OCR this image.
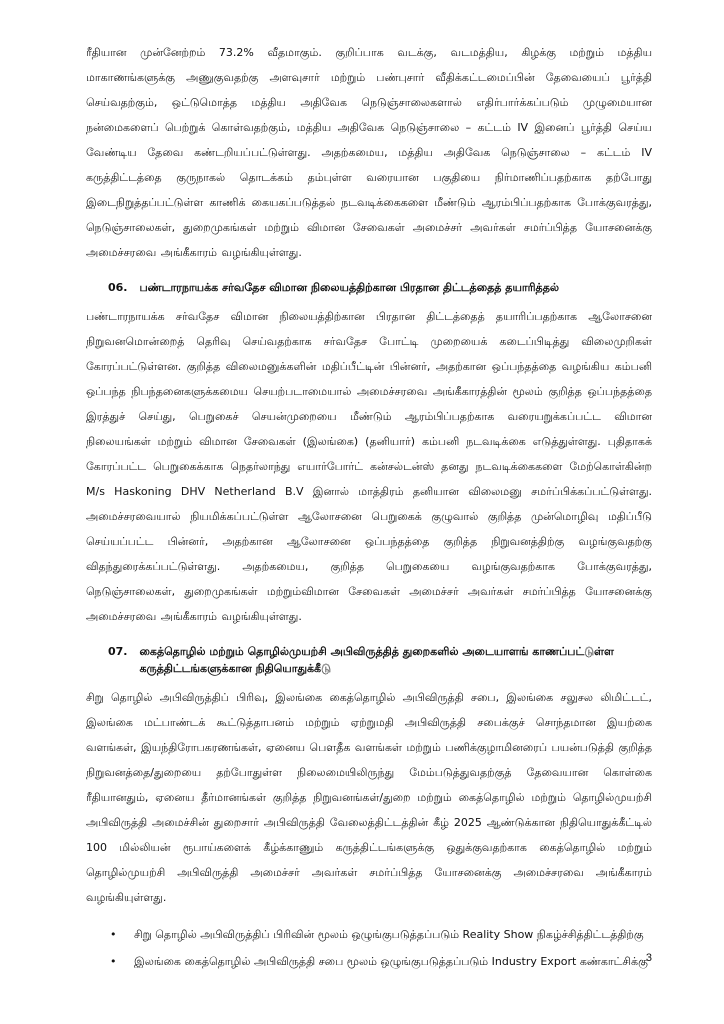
ரீதியான முன்னேற்றம் 73.2% வீதமாகும். குறிப்பாக வடக்கு, வடமத்திய, கிழக்கு மற்றும் மத்திய மாகாணங்களுக்கு அணுகுவதற்கு அளவுசார் மற்றும் பண்புசார் வீதிக்கட்டமைப்பின் தேவையைப் பூர்த்தி செய்வதற்கும், ஒட்டுமொத்த மத்திய அதிவேக நெடுஞ்சாலைகளால் எதிர்பார்க்கப்படும் முழுமையான நன்மைகளைப் பெற்றுக் கொள்வதற்கும், மத்திய அதிவேக நெடுஞ்சாலை – கட்டம் IV இனைப் பூர்த்தி செய்ய வேண்டிய தேவை கண்டறியப்பட்டுள்ளது. அதற்கமைய, மத்திய அதிவேக நெடுஞ்சாலை – கட்டம் IV கருத்திட்டத்தை குருநாகல் தொடக்கம் தம்புள்ள வரையான பகுதியை நிர்மாணிப்பதற்காக தற்போது இடைநிறுத்தப்பட்டுள்ள காணிக் கையகப்படுத்தல் நடவடிக்கைகளை மீண்டும் ஆரம்பிப்பதற்காக போக்குவரத்து, நெடுஞ்சாலைகள், துறைமுகங்கள் மற்றும் விமான சேவைகள் அமைச்சர் அவர்கள் சமர்ப்பித்த யோசனைக்கு அமைச்சரவை அங்கீகாரம் வழங்கியுள்ளது.

06. பண்டாரநாயக்க சர்வதேச விமான நிலையத்திற்கான பிரதான திட்டத்தைத் தயாரித்தல்

பண்டாரநாயக்க சர்வதேச விமான நிலையத்திற்கான பிரதான திட்டத்தைத் தயாரிப்பதற்காக ஆலோசனை நிறுவனமொன்றைத் தெரிவு செய்வதற்காக சர்வதேச போட்டி முறையைக் கடைப்பிடித்து விலைமுறிகள் கோரப்பட்டுள்ளன. குறித்த விலைமனுக்களின் மதிப்பீட்டின் பின்னர், அதற்கான ஒப்பந்தத்தை வழங்கிய கம்பனி ஒப்பந்த நிபந்தனைகளுக்கமைய செயற்படாமையால் அமைச்சரவை அங்கீகாரத்தின் மூலம் குறித்த ஒப்பந்தத்தை இரத்துச் செய்து, பெறுகைச் செயன்முறையை மீண்டும் ஆரம்பிப்பதற்காக வரையறுக்கப்பட்ட விமான நிலையங்கள் மற்றும் விமான சேவைகள் (இலங்கை) (தனியார்) கம்பனி நடவடிக்கை எடுத்துள்ளது. புதிதாகக் கோரப்பட்ட பெறுகைக்காக நெதர்லாந்து எயார்போர்ட் கன்சல்டன்ஸ் தனது நடவடிக்கைகளை மேற்கொள்கின்ற M/s Haskoning DHV Netherland B.V இனால் மாத்திரம் தனியான விலைமனு சமர்ப்பிக்கப்பட்டுள்ளது. அமைச்சரவையால் நியமிக்கப்பட்டுள்ள ஆலோசனை பெறுகைக் குழுவால் குறித்த முன்மொழிவு மதிப்பீடு செய்யப்பட்ட பின்னர், அதற்கான ஆலோசனை ஒப்பந்தத்தை குறித்த நிறுவனத்திற்கு வழங்குவதற்கு விதந்துரைக்கப்பட்டுள்ளது. அதற்கமைய, குறித்த பெறுகையை வழங்குவதற்காக போக்குவரத்து, நெடுஞ்சாலைகள், துறைமுகங்கள் மற்றும்விமான சேவைகள் அமைச்சர் அவர்கள் சமர்ப்பித்த யோசனைக்கு அமைச்சரவை அங்கீகாரம் வழங்கியுள்ளது.

07. கைத்தொழில் மற்றும் தொழில்முயற்சி அபிவிருத்தித் துறைகளில் அடையாளங் காணப்பட்டுள்ள கருத்திட்டங்களுக்கான நிதியொதுக்கீடு

சிறு தொழில் அபிவிருத்திப் பிரிவு, இலங்கை கைத்தொழில் அபிவிருத்தி சபை, இலங்கை சலுசல லிமிட்டட், இலங்கை மட்பாண்டக் கூட்டுத்தாபனம் மற்றும் ஏற்றுமதி அபிவிருத்தி சபைக்குச் சொந்தமான இயற்கை வளங்கள், இயந்திரோபகரணங்கள், ஏனைய பௌதீக வளங்கள் மற்றும் பணிக்குழாமினரைப் பயன்படுத்தி குறித்த நிறுவனத்தை/துறையை தற்போதுள்ள நிலைமையிலிருந்து மேம்படுத்துவதற்குத் தேவையான கொள்கை ரீதியானதும், ஏனைய தீர்மானங்கள் குறித்த நிறுவனங்கள்/துறை மற்றும் கைத்தொழில் மற்றும் தொழில்முயற்சி அபிவிருத்தி அமைச்சின் துறைசார் அபிவிருத்தி வேலைத்திட்டத்தின் கீழ் 2025 ஆண்டுக்கான நிதியொதுக்கீட்டில் 100 மில்லியன் ரூபாய்களைக் கீழ்க்காணும் கருத்திட்டங்களுக்கு ஒதுக்குவதற்காக கைத்தொழில் மற்றும் தொழில்முயற்சி அபிவிருத்தி அமைச்சர் அவர்கள் சமர்ப்பித்த யோசனைக்கு அமைச்சரவை அங்கீகாரம் வழங்கியுள்ளது.

• சிறு தொழில் அபிவிருத்திப் பிரிவின் மூலம் ஒழுங்குபடுத்தப்படும் Reality Show நிகழ்ச்சித்திட்டத்திற்கு
• இலங்கை கைத்தொழில் அபிவிருத்தி சபை மூலம் ஒழுங்குபடுத்தப்படும் Industry Export கண்காட்சிக்கு
3
